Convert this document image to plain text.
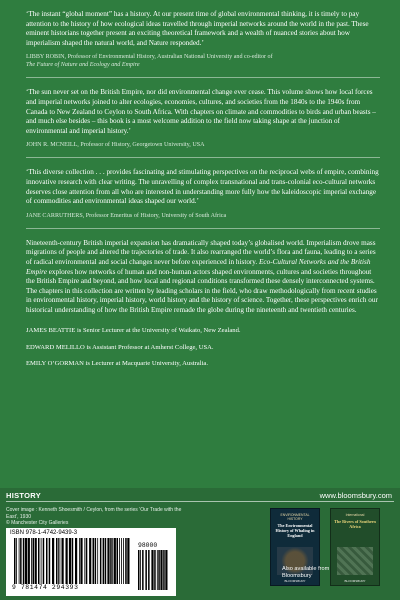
‘The instant “global moment” has a history. At our present time of global environmental thinking, it is timely to pay attention to the history of how ecological ideas travelled through imperial networks around the world in the past. These eminent historians together present an exciting theoretical framework and a wealth of nuanced stories about how imperialism shaped the natural world, and Nature responded.’

LIBBY ROBIN, Professor of Environmental History, Australian National University and co-editor of
The Future of Nature and Ecology and Empire

‘The sun never set on the British Empire, nor did environmental change ever cease. This volume shows how local forces and imperial networks joined to alter ecologies, economies, cultures, and societies from the 1840s to the 1940s from Canada to New Zealand to Ceylon to South Africa. With chapters on climate and commodities to birds and urban beasts – and much else besides – this book is a most welcome addition to the field now taking shape at the junction of environmental and imperial history.’

JOHN R. MCNEILL, Professor of History, Georgetown University, USA

‘This diverse collection . . . provides fascinating and stimulating perspectives on the reciprocal webs of empire, combining innovative research with clear writing. The unravelling of complex transnational and trans-colonial eco-cultural networks deserves close attention from all who are interested in understanding more fully how the kaleidoscopic imperial exchange of commodities and environmental ideas shaped our world.’

JANE CARRUTHERS, Professor Emeritus of History, University of South Africa

Nineteenth-century British imperial expansion has dramatically shaped today’s globalised world. Imperialism drove mass migrations of people and altered the trajectories of trade. It also rearranged the world’s flora and fauna, leading to a series of radical environmental and social changes never before experienced in history. Eco-Cultural Networks and the British Empire explores how networks of human and non-human actors shaped environments, cultures and societies throughout the British Empire and beyond, and how local and regional conditions transformed these densely interconnected systems. The chapters in this collection are written by leading scholars in the field, who draw methodologically from recent studies in environmental history, imperial history, world history and the history of science. Together, these perspectives enrich our historical understanding of how the British Empire remade the globe during the nineteenth and twentieth centuries.

JAMES BEATTIE is Senior Lecturer at the University of Waikato, New Zealand.

EDWARD MELILLO is Assistant Professor at Amherst College, USA.

EMILY O’GORMAN is Lecturer at Macquarie University, Australia.

HISTORY	www.bloomsbury.com
Cover image : Kenneth Shoesmith / Ceylon, from the series ‘Our Trade with the East’, 1930
© Manchester City Galleries
ISBN 978-1-4742-9439-3
9 781474 294393
98000
ENVIRONMENTAL HISTORY
The Environmental History of Whaling in England
BLOOMSBURY
International
The Rivers of Southern Africa
BLOOMSBURY
Also available from Bloomsbury
